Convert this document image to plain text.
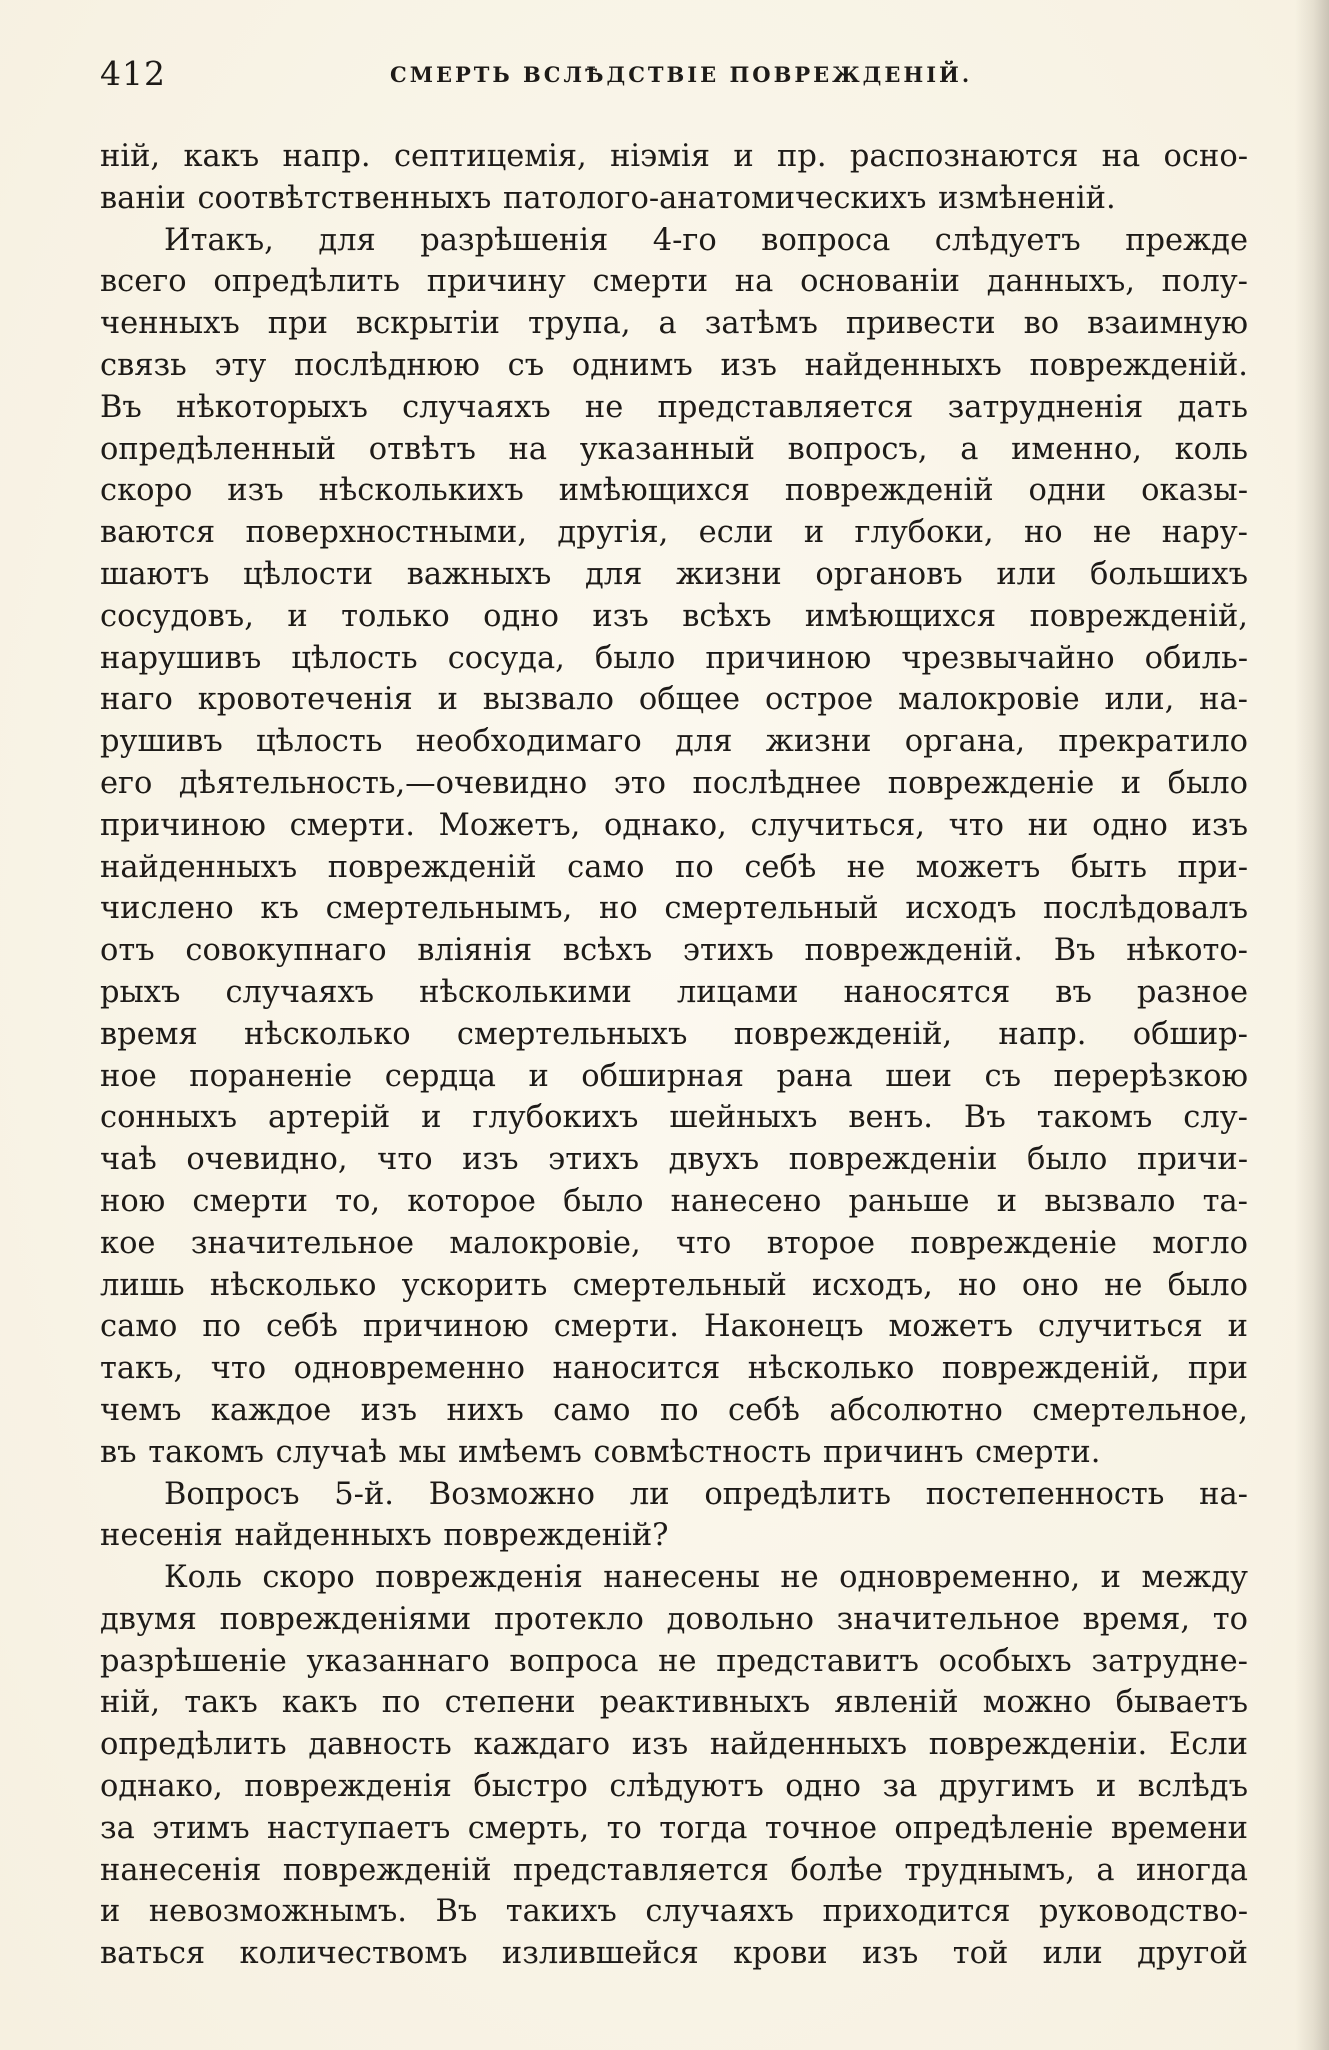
412	СМЕРТЬ ВСЛѢДСТВІЕ ПОВРЕЖДЕНІЙ.
ній, какъ напр. септицемія, ніэмія и пр. распознаются на осно-
ваніи соотвѣтственныхъ патолого-анатомическихъ измѣненій.
Итакъ, для разрѣшенія 4-го вопроса слѣдуетъ прежде
всего опредѣлить причину смерти на основаніи данныхъ, полу-
ченныхъ при вскрытіи трупа, а затѣмъ привести во взаимную
связь эту послѣднюю съ однимъ изъ найденныхъ поврежденій.
Въ нѣкоторыхъ случаяхъ не представляется затрудненія дать
опредѣленный отвѣтъ на указанный вопросъ, а именно, коль
скоро изъ нѣсколькихъ имѣющихся поврежденій одни оказы-
ваются поверхностными, другія, если и глубоки, но не нару-
шаютъ цѣлости важныхъ для жизни органовъ или большихъ
сосудовъ, и только одно изъ всѣхъ имѣющихся поврежденій,
нарушивъ цѣлость сосуда, было причиною чрезвычайно обиль-
наго кровотеченія и вызвало общее острое малокровіе или, на-
рушивъ цѣлость необходимаго для жизни органа, прекратило
его дѣятельность,—очевидно это послѣднее поврежденіе и было
причиною смерти. Можетъ, однако, случиться, что ни одно изъ
найденныхъ поврежденій само по себѣ не можетъ быть при-
числено къ смертельнымъ, но смертельный исходъ послѣдовалъ
отъ совокупнаго вліянія всѣхъ этихъ поврежденій. Въ нѣкото-
рыхъ случаяхъ нѣсколькими лицами наносятся въ разное
время нѣсколько смертельныхъ поврежденій, напр. обшир-
ное пораненіе сердца и обширная рана шеи съ перерѣзкою
сонныхъ артерій и глубокихъ шейныхъ венъ. Въ такомъ слу-
чаѣ очевидно, что изъ этихъ двухъ поврежденіи было причи-
ною смерти то, которое было нанесено раньше и вызвало та-
кое значительное малокровіе, что второе поврежденіе могло
лишь нѣсколько ускорить смертельный исходъ, но оно не было
само по себѣ причиною смерти. Наконецъ можетъ случиться и
такъ, что одновременно наносится нѣсколько поврежденій, при
чемъ каждое изъ нихъ само по себѣ абсолютно смертельное,
въ такомъ случаѣ мы имѣемъ совмѣстность причинъ смерти.
Вопросъ 5-й. Возможно ли опредѣлить постепенность на-
несенія найденныхъ поврежденій?
Коль скоро поврежденія нанесены не одновременно, и между
двумя поврежденіями протекло довольно значительное время, то
разрѣшеніе указаннаго вопроса не представитъ особыхъ затрудне-
ній, такъ какъ по степени реактивныхъ явленій можно бываетъ
опредѣлить давность каждаго изъ найденныхъ поврежденіи. Если
однако, поврежденія быстро слѣдуютъ одно за другимъ и вслѣдъ
за этимъ наступаетъ смерть, то тогда точное опредѣленіе времени
нанесенія поврежденій представляется болѣе труднымъ, а иногда
и невозможнымъ. Въ такихъ случаяхъ приходится руководство-
ваться количествомъ излившейся крови изъ той или другой
